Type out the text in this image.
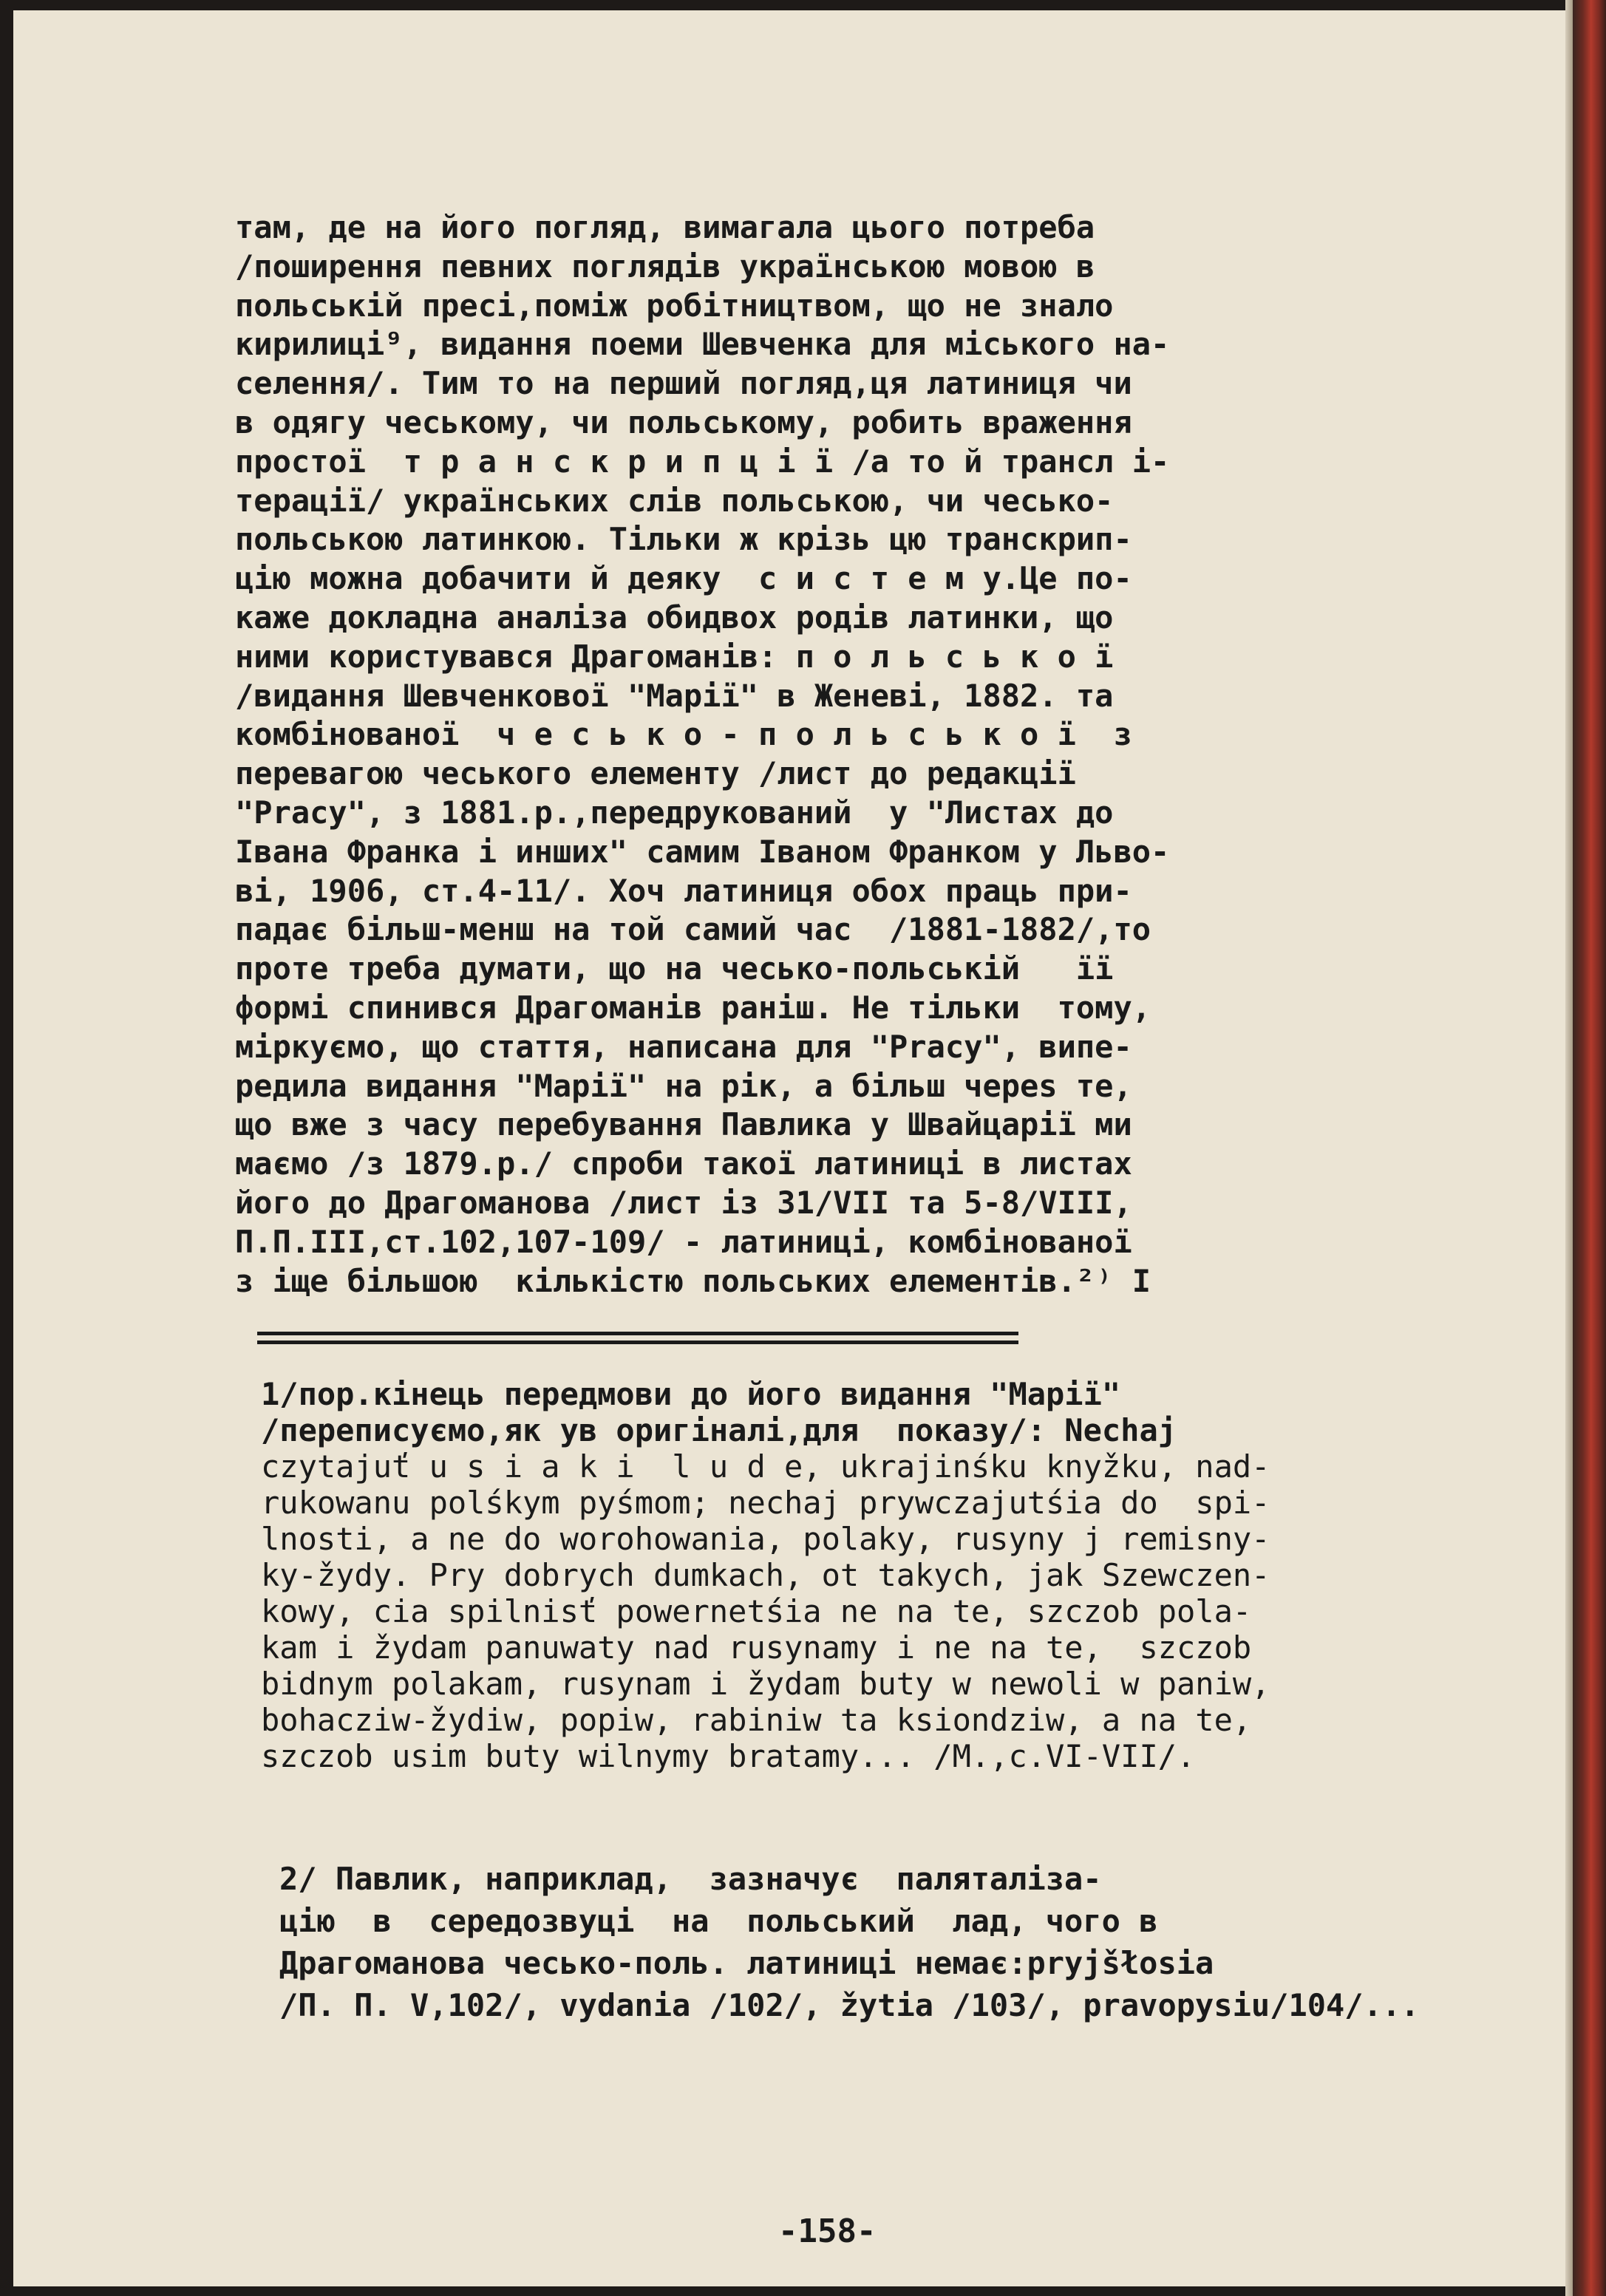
там, де на його погляд, вимагала цього потреба
/поширення певних поглядів українською мовою в
польській пресі,поміж робітництвом, що не знало
кирилиці⁹, видання поеми Шевченка для міського на-
селення/. Тим то на перший погляд,ця латиниця чи
в одягу чеському, чи польському, робить враження
простої  т р а н с к р и п ц і ї /а то й трансл і-
терації/ українських слів польською, чи чесько-
польською латинкою. Тільки ж крізь цю транскрип-
цію можна добачити й деяку  с и с т е м у.Це по-
каже докладна аналіза обидвох родів латинки, що
ними користувався Драгоманів: п о л ь с ь к о ї
/видання Шевченкової "Марії" в Женеві, 1882. та
комбінованої  ч е с ь к о - п о л ь с ь к о ї  з
перевагою чеського елементу /лист до редакції
"Pracy", з 1881.р.,передрукований  у "Листах до
Івана Франка і инших" самим Іваном Франком у Льво-
ві, 1906, ст.4-11/. Хоч латиниця обох праць при-
падає більш-менш на той самий час  /1881-1882/,то
проте треба думати, що на чесько-польській   її
формі спинився Драгоманів раніш. Не тільки  тому,
міркуємо, що стаття, написана для "Pracy", випе-
редила видання "Марії" на рік, а більш череs те,
що вже з часу перебування Павлика у Швайцарії ми
маємо /з 1879.р./ спроби такої латиниці в листах
його до Драгоманова /лист із 31/VII та 5-8/VIII,
П.П.III,ст.102,107-109/ - латиниці, комбінованої
з іще більшою  кількістю польських елементів.²⁾ І
1/пор.кінець передмови до його видання "Марії"
/переписуємо,як ув оригіналі,для  показу/: Nechaj
czytajuť u s i a k i  l u d e, ukrajinśku knyžku, nad-
rukowanu polśkym pyśmom; nechaj prywczajutśia do  spi-
lnosti, a ne do worohowania, polaky, rusyny j remisny-
ky-žydy. Pry dobrych dumkach, ot takych, jak Szewczen-
kowy, cia spilnisť powernetśia ne na te, szczob pola-
kam i žydam panuwaty nad rusynamy i ne na te,  szczob
bidnym polakam, rusynam i žydam buty w newoli w paniw,
bohacziw-žydiw, popiw, rabiniw ta ksiondziw, a na te,
szczob usim buty wilnymy bratamy... /М.,с.VI-VII/.
2/ Павлик, наприклад,  зазначує  паляталіза-
цію  в  середозвуці  на  польський  лад, чого в
Драгоманова чесько-поль. латиниці немає:pryjšłosia
/П. П. V,102/, vydania /102/, žytia /103/, pravopysiu/104/...
-158-
